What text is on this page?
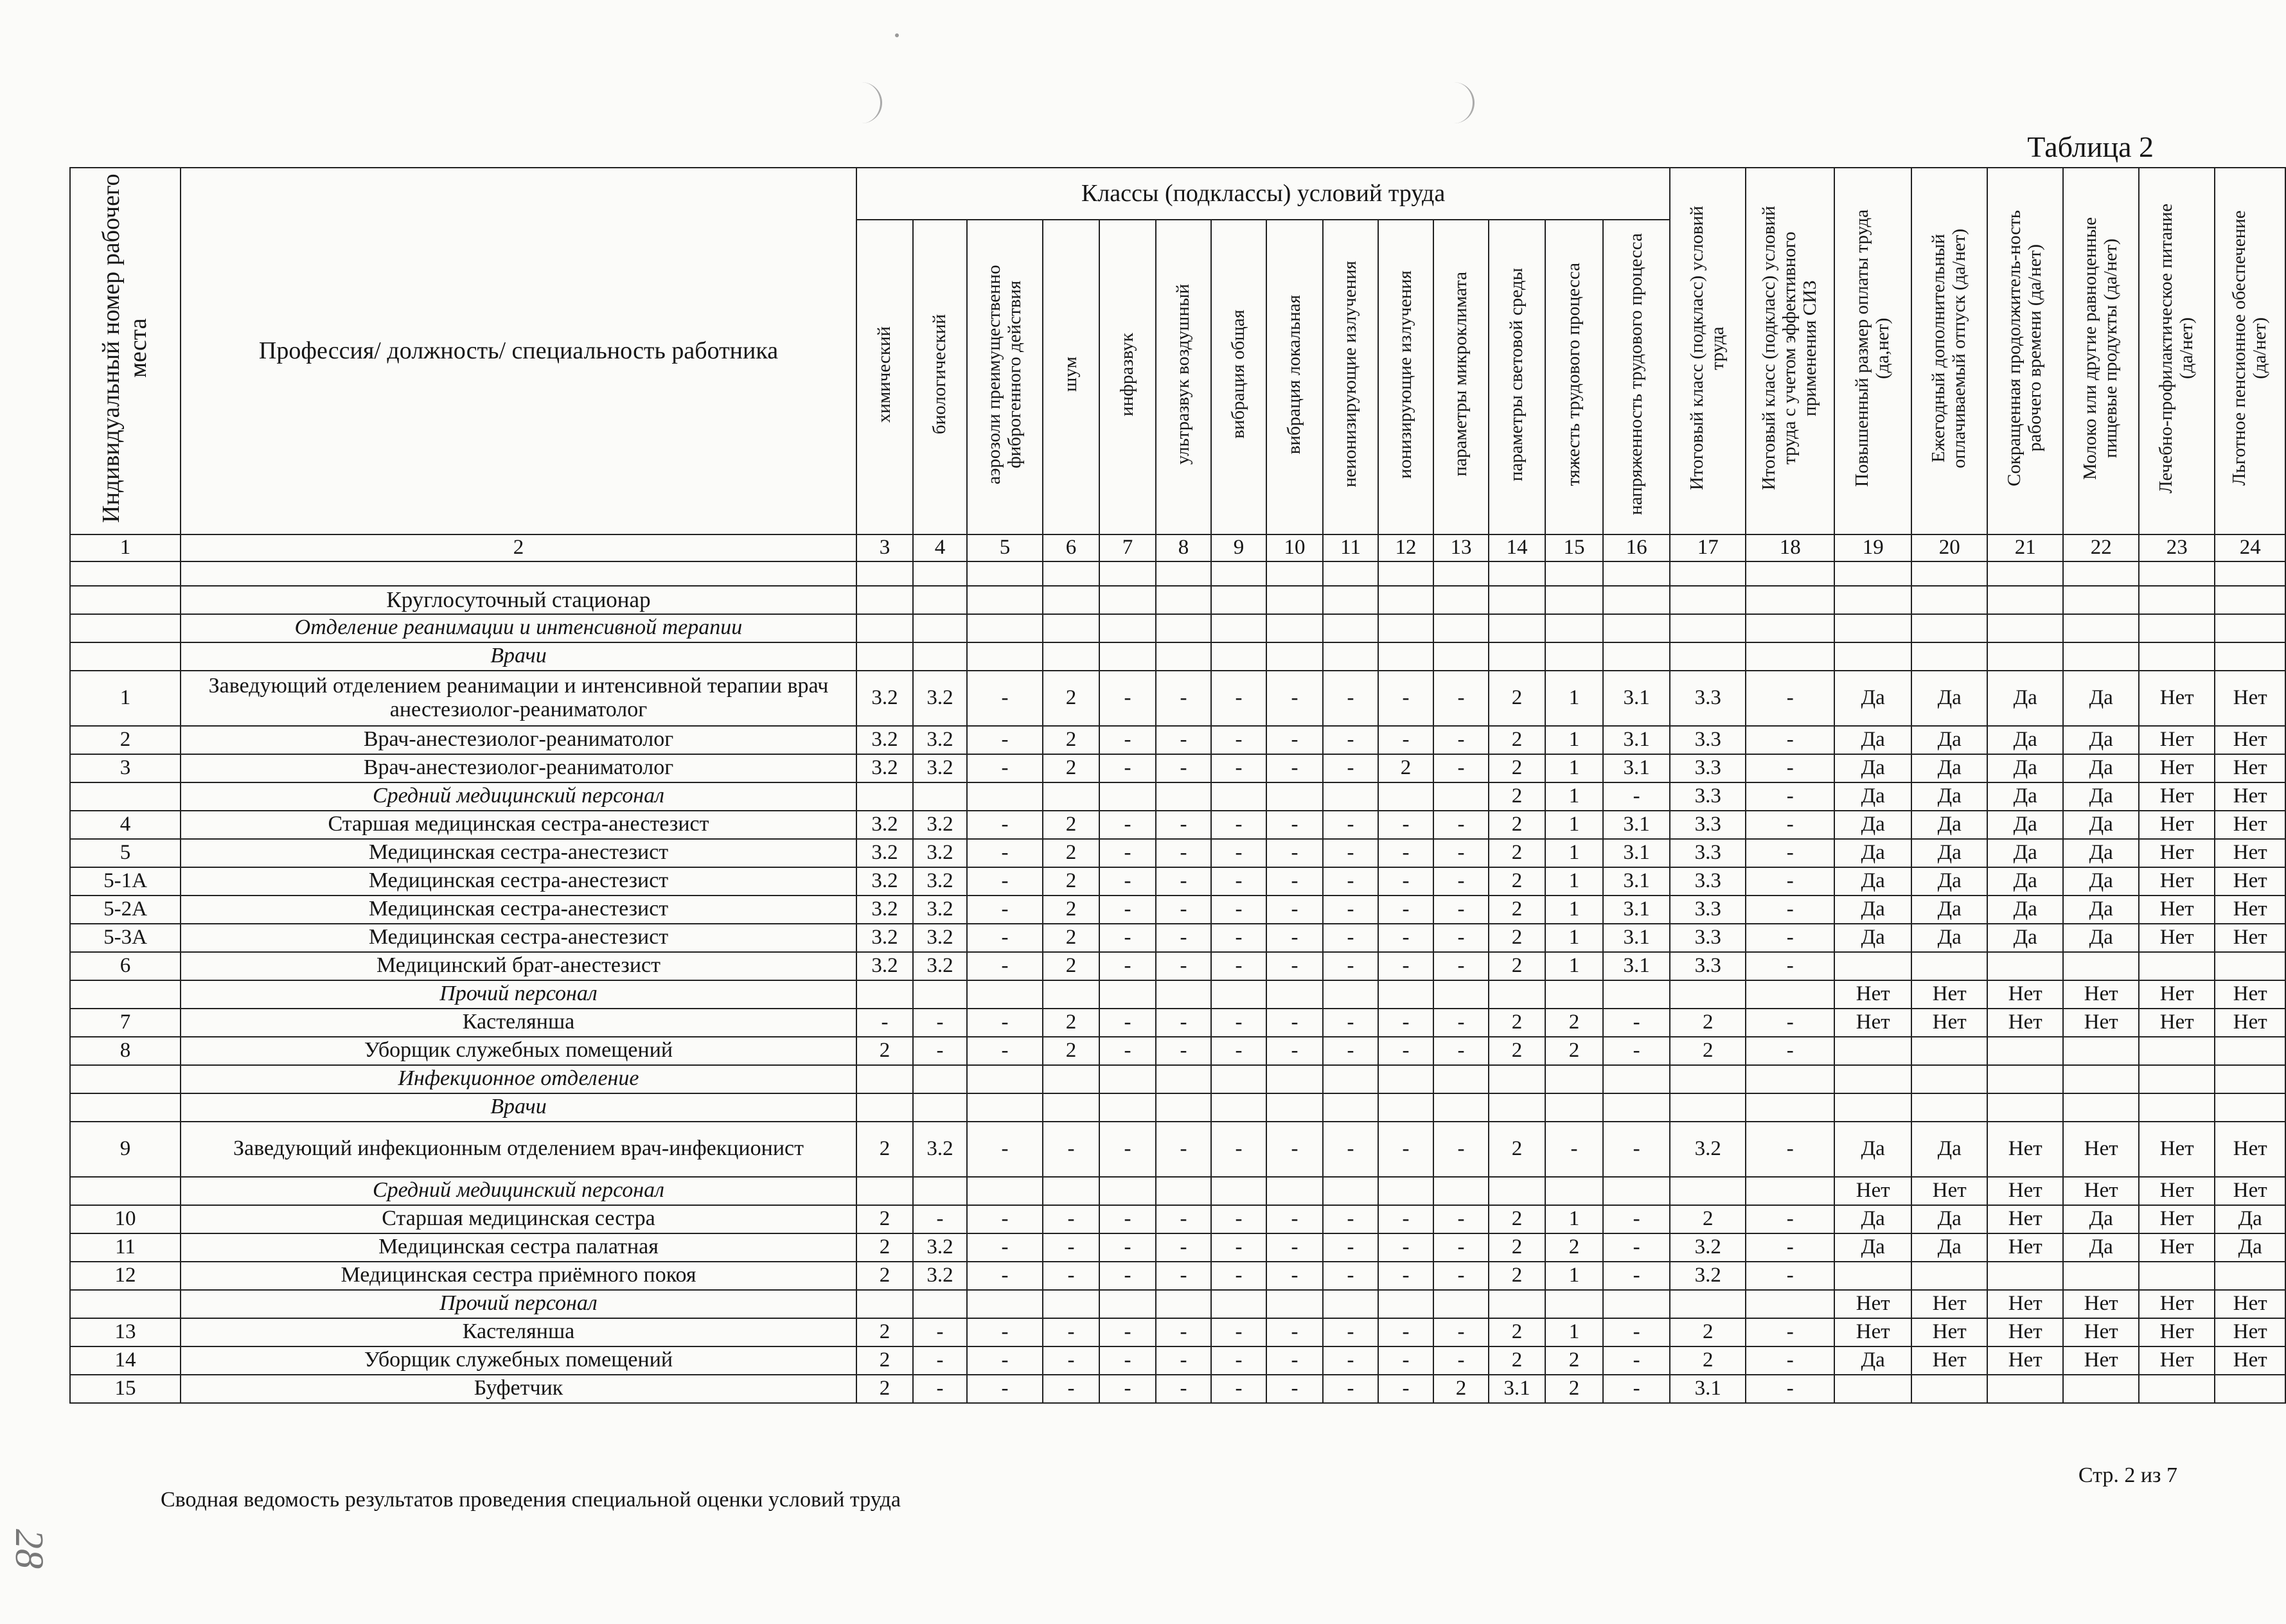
Таблица 2
Индивидуальный номер рабочего места	Профессия/ должность/ специальность работника	Классы (подклассы) условий труда														Итоговый класс (подкласс) условий труда	Итоговый класс (подкласс) условий труда с учетом эффективного применения СИЗ	Повышенный размер оплаты труда (да,нет)	Ежегодный дополнительный оплачиваемый отпуск (да/нет)	Сокращенная продолжитель-ность рабочего времени (да/нет)	Молоко или другие равноценные пищевые продукты (да/нет)	Лечебно-профилактическое питание (да/нет)	Льготное пенсионное обеспечение (да/нет)
		химический	биологический	аэрозоли преимущественно фиброгенного действия	шум	инфразвук	ультразвук воздушный	вибрация общая	вибрация локальная	неионизирующие излучения	ионизирующие излучения	параметры микроклимата	параметры световой среды	тяжесть трудового процесса	напряженность трудового процесса								
1	2	3	4	5	6	7	8	9	10	11	12	13	14	15	16	17	18	19	20	21	22	23	24

	Круглосуточный стационар																						
	Отделение реанимации и интенсивной терапии																						
	Врачи																						
1	Заведующий отделением реанимации и интенсивной терапии врач анестезиолог-реаниматолог	3.2	3.2	-	2	-	-	-	-	-	-	-	2	1	3.1	3.3	-	Да	Да	Да	Да	Нет	Нет
2	Врач-анестезиолог-реаниматолог	3.2	3.2	-	2	-	-	-	-	-	-	-	2	1	3.1	3.3	-	Да	Да	Да	Да	Нет	Нет
3	Врач-анестезиолог-реаниматолог	3.2	3.2	-	2	-	-	-	-	-	2	-	2	1	3.1	3.3	-	Да	Да	Да	Да	Нет	Нет
	Средний медицинский персонал												2	1	-	3.3	-	Да	Да	Да	Да	Нет	Нет
4	Старшая медицинская сестра-анестезист	3.2	3.2	-	2	-	-	-	-	-	-	-	2	1	3.1	3.3	-	Да	Да	Да	Да	Нет	Нет
5	Медицинская сестра-анестезист	3.2	3.2	-	2	-	-	-	-	-	-	-	2	1	3.1	3.3	-	Да	Да	Да	Да	Нет	Нет
5-1А	Медицинская сестра-анестезист	3.2	3.2	-	2	-	-	-	-	-	-	-	2	1	3.1	3.3	-	Да	Да	Да	Да	Нет	Нет
5-2А	Медицинская сестра-анестезист	3.2	3.2	-	2	-	-	-	-	-	-	-	2	1	3.1	3.3	-	Да	Да	Да	Да	Нет	Нет
5-3А	Медицинская сестра-анестезист	3.2	3.2	-	2	-	-	-	-	-	-	-	2	1	3.1	3.3	-	Да	Да	Да	Да	Нет	Нет
6	Медицинский брат-анестезист	3.2	3.2	-	2	-	-	-	-	-	-	-	2	1	3.1	3.3	-						
	Прочий персонал																	Нет	Нет	Нет	Нет	Нет	Нет
7	Кастелянша	-	-	-	2	-	-	-	-	-	-	-	2	2	-	2	-	Нет	Нет	Нет	Нет	Нет	Нет
8	Уборщик служебных помещений	2	-	-	2	-	-	-	-	-	-	-	2	2	-	2	-						
	Инфекционное отделение																						
	Врачи																						
9	Заведующий инфекционным отделением врач-инфекционист	2	3.2	-	-	-	-	-	-	-	-	-	2	-	-	3.2	-	Да	Да	Нет	Нет	Нет	Нет
	Средний медицинский персонал																	Нет	Нет	Нет	Нет	Нет	Нет
10	Старшая медицинская сестра	2	-	-	-	-	-	-	-	-	-	-	2	1	-	2	-	Да	Да	Нет	Да	Нет	Да
11	Медицинская сестра палатная	2	3.2	-	-	-	-	-	-	-	-	-	2	2	-	3.2	-	Да	Да	Нет	Да	Нет	Да
12	Медицинская сестра приёмного покоя	2	3.2	-	-	-	-	-	-	-	-	-	2	1	-	3.2	-						
	Прочий персонал																	Нет	Нет	Нет	Нет	Нет	Нет
13	Кастелянша	2	-	-	-	-	-	-	-	-	-	-	2	1	-	2	-	Нет	Нет	Нет	Нет	Нет	Нет
14	Уборщик служебных помещений	2	-	-	-	-	-	-	-	-	-	-	2	2	-	2	-	Да	Нет	Нет	Нет	Нет	Нет
15	Буфетчик	2	-	-	-	-	-	-	-	-	-	2	3.1	2	-	3.1	-						
Стр. 2 из 7
Сводная ведомость результатов проведения специальной оценки условий труда
28
